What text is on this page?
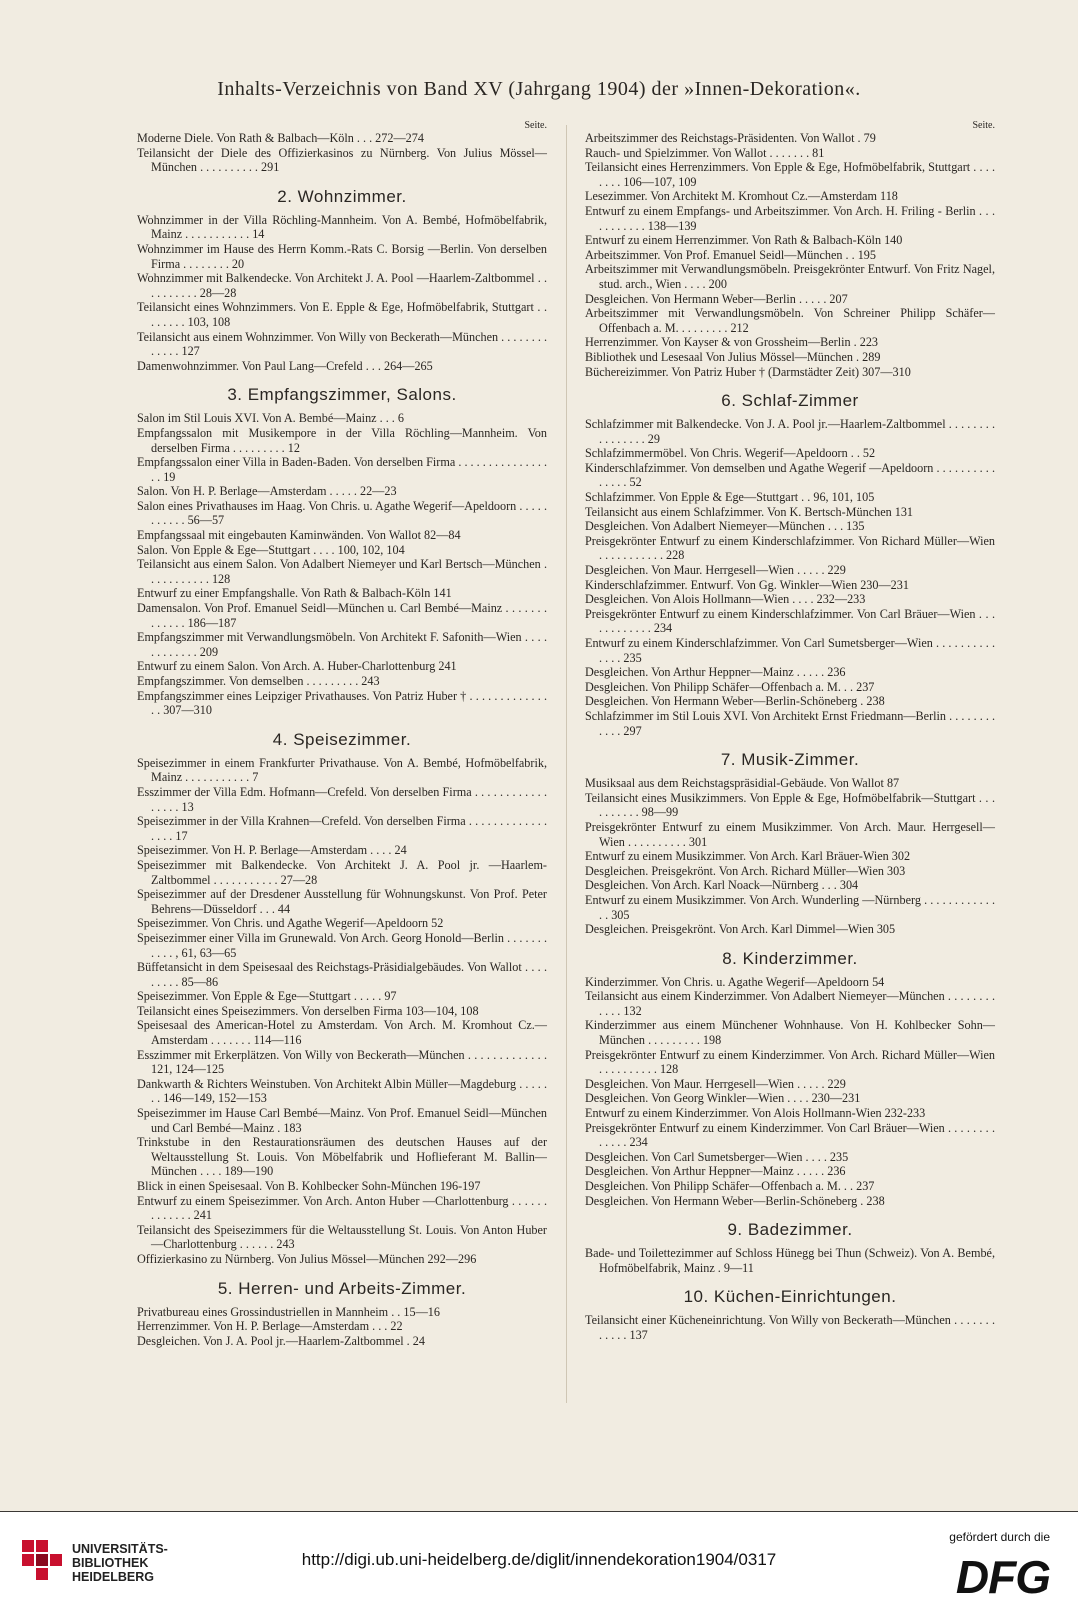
Inhalts-Verzeichnis von Band XV (Jahrgang 1904) der »Innen-Dekoration«.
Seite.
Moderne Diele. Von Rath & Balbach—Köln . . . 272—274
Teilansicht der Diele des Offizierkasinos zu Nürnberg. Von Julius Mössel—München . . . . . . . . . . 291
2. Wohnzimmer.
Wohnzimmer in der Villa Röchling-Mannheim. Von A. Bembé, Hofmöbelfabrik, Mainz . . . . . . . . . . . 14
Wohnzimmer im Hause des Herrn Komm.-Rats C. Borsig —Berlin. Von derselben Firma . . . . . . . . 20
Wohnzimmer mit Balkendecke. Von Architekt J. A. Pool —Haarlem-Zaltbommel . . . . . . . . . . 28—28
Teilansicht eines Wohnzimmers. Von E. Epple & Ege, Hofmöbelfabrik, Stuttgart . . . . . . . . 103, 108
Teilansicht aus einem Wohnzimmer. Von Willy von Beckerath—München . . . . . . . . . . . . . 127
Damenwohnzimmer. Von Paul Lang—Crefeld . . . 264—265
3. Empfangszimmer, Salons.
Salon im Stil Louis XVI. Von A. Bembé—Mainz . . . 6
Empfangssalon mit Musikempore in der Villa Röchling—Mannheim. Von derselben Firma . . . . . . . . . 12
Empfangssalon einer Villa in Baden-Baden. Von derselben Firma . . . . . . . . . . . . . . . . . 19
Salon. Von H. P. Berlage—Amsterdam . . . . . 22—23
Salon eines Privathauses im Haag. Von Chris. u. Agathe Wegerif—Apeldoorn . . . . . . . . . . . 56—57
Empfangssaal mit eingebauten Kaminwänden. Von Wallot 82—84
Salon. Von Epple & Ege—Stuttgart . . . . 100, 102, 104
Teilansicht aus einem Salon. Von Adalbert Niemeyer und Karl Bertsch—München . . . . . . . . . . . 128
Entwurf zu einer Empfangshalle. Von Rath & Balbach-Köln 141
Damensalon. Von Prof. Emanuel Seidl—München u. Carl Bembé—Mainz . . . . . . . . . . . . . 186—187
Empfangszimmer mit Verwandlungsmöbeln. Von Architekt F. Safonith—Wien . . . . . . . . . . . . 209
Entwurf zu einem Salon. Von Arch. A. Huber-Charlottenburg 241
Empfangszimmer. Von demselben . . . . . . . . . 243
Empfangszimmer eines Leipziger Privathauses. Von Patriz Huber † . . . . . . . . . . . . . . . 307—310
4. Speisezimmer.
Speisezimmer in einem Frankfurter Privathause. Von A. Bembé, Hofmöbelfabrik, Mainz . . . . . . . . . . . 7
Esszimmer der Villa Edm. Hofmann—Crefeld. Von derselben Firma . . . . . . . . . . . . . . . . . 13
Speisezimmer in der Villa Krahnen—Crefeld. Von derselben Firma . . . . . . . . . . . . . . . . . 17
Speisezimmer. Von H. P. Berlage—Amsterdam . . . . 24
Speisezimmer mit Balkendecke. Von Architekt J. A. Pool jr. —Haarlem-Zaltbommel . . . . . . . . . . . 27—28
Speisezimmer auf der Dresdener Ausstellung für Wohnungskunst. Von Prof. Peter Behrens—Düsseldorf . . . 44
Speisezimmer. Von Chris. und Agathe Wegerif—Apeldoorn 52
Speisezimmer einer Villa im Grunewald. Von Arch. Georg Honold—Berlin . . . . . . . . . . . , 61, 63—65
Büffetansicht in dem Speisesaal des Reichstags-Präsidialgebäudes. Von Wallot . . . . . . . . . 85—86
Speisezimmer. Von Epple & Ege—Stuttgart . . . . . 97
Teilansicht eines Speisezimmers. Von derselben Firma 103—104, 108
Speisesaal des American-Hotel zu Amsterdam. Von Arch. M. Kromhout Cz.—Amsterdam . . . . . . . 114—116
Esszimmer mit Erkerplätzen. Von Willy von Beckerath—München . . . . . . . . . . . . . 121, 124—125
Dankwarth & Richters Weinstuben. Von Architekt Albin Müller—Magdeburg . . . . . . . 146—149, 152—153
Speisezimmer im Hause Carl Bembé—Mainz. Von Prof. Emanuel Seidl—München und Carl Bembé—Mainz . 183
Trinkstube in den Restaurationsräumen des deutschen Hauses auf der Weltausstellung St. Louis. Von Möbelfabrik und Hoflieferant M. Ballin—München . . . . 189—190
Blick in einen Speisesaal. Von B. Kohlbecker Sohn-München 196-197
Entwurf zu einem Speisezimmer. Von Arch. Anton Huber —Charlottenburg . . . . . . . . . . . . . 241
Teilansicht des Speisezimmers für die Weltausstellung St. Louis. Von Anton Huber—Charlottenburg . . . . . . 243
Offizierkasino zu Nürnberg. Von Julius Mössel—München 292—296
5. Herren- und Arbeits-Zimmer.
Privatbureau eines Grossindustriellen in Mannheim . . 15—16
Herrenzimmer. Von H. P. Berlage—Amsterdam . . . 22
Desgleichen. Von J. A. Pool jr.—Haarlem-Zaltbommel . 24
Seite.
Arbeitszimmer des Reichstags-Präsidenten. Von Wallot . 79
Rauch- und Spielzimmer. Von Wallot . . . . . . . 81
Teilansicht eines Herrenzimmers. Von Epple & Ege, Hofmöbelfabrik, Stuttgart . . . . . . . . 106—107, 109
Lesezimmer. Von Architekt M. Kromhout Cz.—Amsterdam 118
Entwurf zu einem Empfangs- und Arbeitszimmer. Von Arch. H. Friling - Berlin . . . . . . . . . . . 138—139
Entwurf zu einem Herrenzimmer. Von Rath & Balbach-Köln 140
Arbeitszimmer. Von Prof. Emanuel Seidl—München . . 195
Arbeitszimmer mit Verwandlungsmöbeln. Preisgekrönter Entwurf. Von Fritz Nagel, stud. arch., Wien . . . . 200
Desgleichen. Von Hermann Weber—Berlin . . . . . 207
Arbeitszimmer mit Verwandlungsmöbeln. Von Schreiner Philipp Schäfer—Offenbach a. M. . . . . . . . . 212
Herrenzimmer. Von Kayser & von Grossheim—Berlin . 223
Bibliothek und Lesesaal Von Julius Mössel—München . 289
Büchereizimmer. Von Patriz Huber † (Darmstädter Zeit) 307—310
6. Schlaf-Zimmer
Schlafzimmer mit Balkendecke. Von J. A. Pool jr.—Haarlem-Zaltbommel . . . . . . . . . . . . . . . . 29
Schlafzimmermöbel. Von Chris. Wegerif—Apeldoorn . . 52
Kinderschlafzimmer. Von demselben und Agathe Wegerif —Apeldoorn . . . . . . . . . . . . . . . 52
Schlafzimmer. Von Epple & Ege—Stuttgart . . 96, 101, 105
Teilansicht aus einem Schlafzimmer. Von K. Bertsch-München 131
Desgleichen. Von Adalbert Niemeyer—München . . . 135
Preisgekrönter Entwurf zu einem Kinderschlafzimmer. Von Richard Müller—Wien . . . . . . . . . . . 228
Desgleichen. Von Maur. Herrgesell—Wien . . . . . 229
Kinderschlafzimmer. Entwurf. Von Gg. Winkler—Wien 230—231
Desgleichen. Von Alois Hollmann—Wien . . . . 232—233
Preisgekrönter Entwurf zu einem Kinderschlafzimmer. Von Carl Bräuer—Wien . . . . . . . . . . . . 234
Entwurf zu einem Kinderschlafzimmer. Von Carl Sumetsberger—Wien . . . . . . . . . . . . . . 235
Desgleichen. Von Arthur Heppner—Mainz . . . . . 236
Desgleichen. Von Philipp Schäfer—Offenbach a. M. . . 237
Desgleichen. Von Hermann Weber—Berlin-Schöneberg . 238
Schlafzimmer im Stil Louis XVI. Von Architekt Ernst Friedmann—Berlin . . . . . . . . . . . . 297
7. Musik-Zimmer.
Musiksaal aus dem Reichstagspräsidial-Gebäude. Von Wallot 87
Teilansicht eines Musikzimmers. Von Epple & Ege, Hofmöbelfabrik—Stuttgart . . . . . . . . . . 98—99
Preisgekrönter Entwurf zu einem Musikzimmer. Von Arch. Maur. Herrgesell—Wien . . . . . . . . . . 301
Entwurf zu einem Musikzimmer. Von Arch. Karl Bräuer-Wien 302
Desgleichen. Preisgekrönt. Von Arch. Richard Müller—Wien 303
Desgleichen. Von Arch. Karl Noack—Nürnberg . . . 304
Entwurf zu einem Musikzimmer. Von Arch. Wunderling —Nürnberg . . . . . . . . . . . . . . 305
Desgleichen. Preisgekrönt. Von Arch. Karl Dimmel—Wien 305
8. Kinderzimmer.
Kinderzimmer. Von Chris. u. Agathe Wegerif—Apeldoorn 54
Teilansicht aus einem Kinderzimmer. Von Adalbert Niemeyer—München . . . . . . . . . . . . 132
Kinderzimmer aus einem Münchener Wohnhause. Von H. Kohlbecker Sohn—München . . . . . . . . . 198
Preisgekrönter Entwurf zu einem Kinderzimmer. Von Arch. Richard Müller—Wien . . . . . . . . . . 128
Desgleichen. Von Maur. Herrgesell—Wien . . . . . 229
Desgleichen. Von Georg Winkler—Wien . . . . 230—231
Entwurf zu einem Kinderzimmer. Von Alois Hollmann-Wien 232-233
Preisgekrönter Entwurf zu einem Kinderzimmer. Von Carl Bräuer—Wien . . . . . . . . . . . . . 234
Desgleichen. Von Carl Sumetsberger—Wien . . . . 235
Desgleichen. Von Arthur Heppner—Mainz . . . . . 236
Desgleichen. Von Philipp Schäfer—Offenbach a. M. . . 237
Desgleichen. Von Hermann Weber—Berlin-Schöneberg . 238
9. Badezimmer.
Bade- und Toilettezimmer auf Schloss Hünegg bei Thun (Schweiz). Von A. Bembé, Hofmöbelfabrik, Mainz . 9—11
10. Küchen-Einrichtungen.
Teilansicht einer Kücheneinrichtung. Von Willy von Beckerath—München . . . . . . . . . . . . 137
UNIVERSITÄTS-
BIBLIOTHEK
HEIDELBERG
http://digi.ub.uni-heidelberg.de/diglit/innendekoration1904/0317
gefördert durch die
DFG
